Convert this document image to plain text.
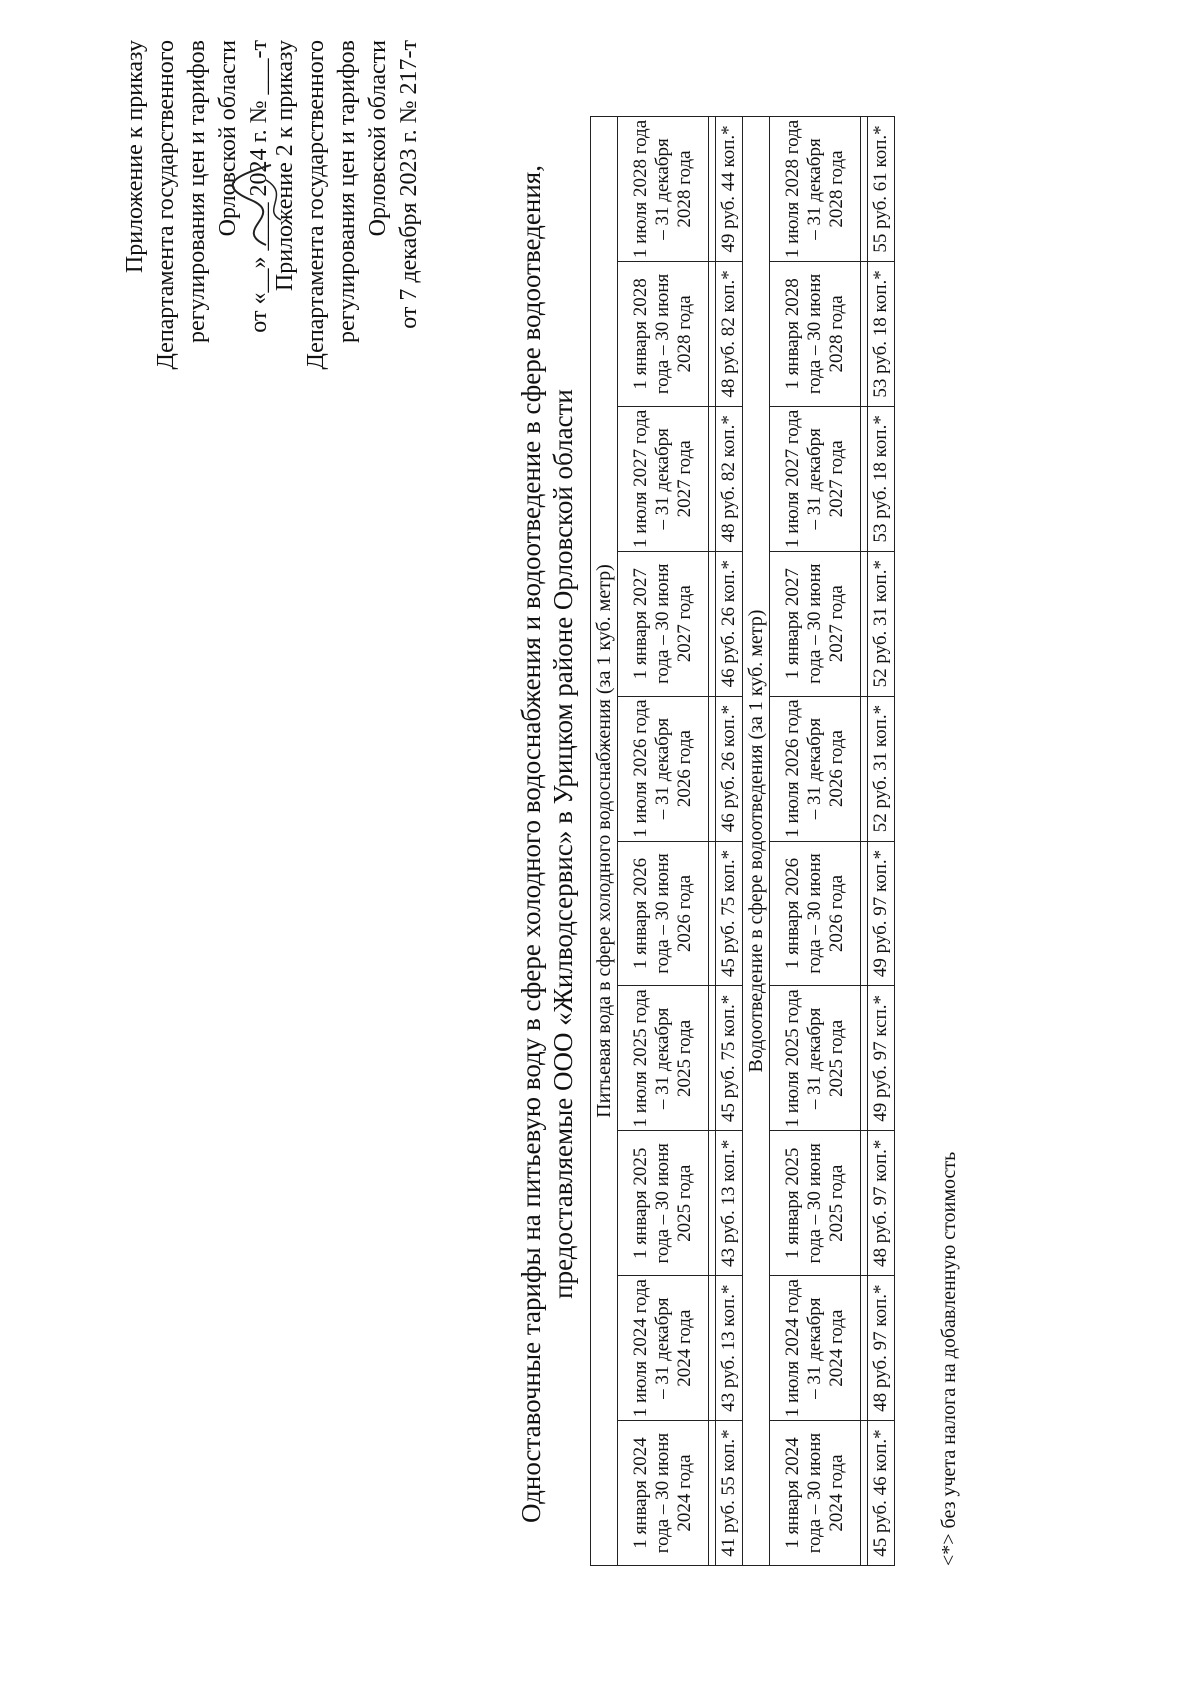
Приложение к приказу Департамента государственного регулирования цен и тарифов Орловской области от «__» ____ 2024 г. № ___-т Приложение 2 к приказу Департамента государственного регулирования цен и тарифов Орловской области от 7 декабря 2023 г. № 217-т	Одноставочные тарифы на питьевую воду в сфере холодного водоснабжения и водоотведение в сфере водоотведения, предоставляемые ООО «Жилводсервис» в Урицком районе Орловской области Питьевая вода в сфере холодного водоснабжения (за 1 куб. метр)									
1 января 2024 года – 30 июня 2024 года	1 июля 2024 года – 31 декабря 2024 года	1 января 2025 года – 30 июня 2025 года	1 июля 2025 года – 31 декабря 2025 года	1 января 2026 года – 30 июня 2026 года	1 июля 2026 года – 31 декабря 2026 года	1 января 2027 года – 30 июня 2027 года	1 июля 2027 года – 31 декабря 2027 года	1 января 2028 года – 30 июня 2028 года	1 июля 2028 года – 31 декабря 2028 года

41 руб. 55 коп.*	43 руб. 13 коп.*	43 руб. 13 коп.*	45 руб. 75 коп.*	45 руб. 75 коп.*	46 руб. 26 коп.*	46 руб. 26 коп.*	48 руб. 82 коп.*	48 руб. 82 коп.*	49 руб. 44 коп.*
Водоотведение в сфере водоотведения (за 1 куб. метр)									
1 января 2024 года – 30 июня 2024 года	1 июля 2024 года – 31 декабря 2024 года	1 января 2025 года – 30 июня 2025 года	1 июля 2025 года – 31 декабря 2025 года	1 января 2026 года – 30 июня 2026 года	1 июля 2026 года – 31 декабря 2026 года	1 января 2027 года – 30 июня 2027 года	1 июля 2027 года – 31 декабря 2027 года	1 января 2028 года – 30 июня 2028 года	1 июля 2028 года – 31 декабря 2028 года

45 руб. 46 коп.*	48 руб. 97 коп.*	48 руб. 97 коп.*	49 руб. 97 ксп.*	49 руб. 97 коп.*	52 руб. 31 коп.*	52 руб. 31 коп.*	53 руб. 18 коп.*	53 руб. 18 коп.*	55 руб. 61 коп.*
<*> без учета налога на добавленную стоимость
